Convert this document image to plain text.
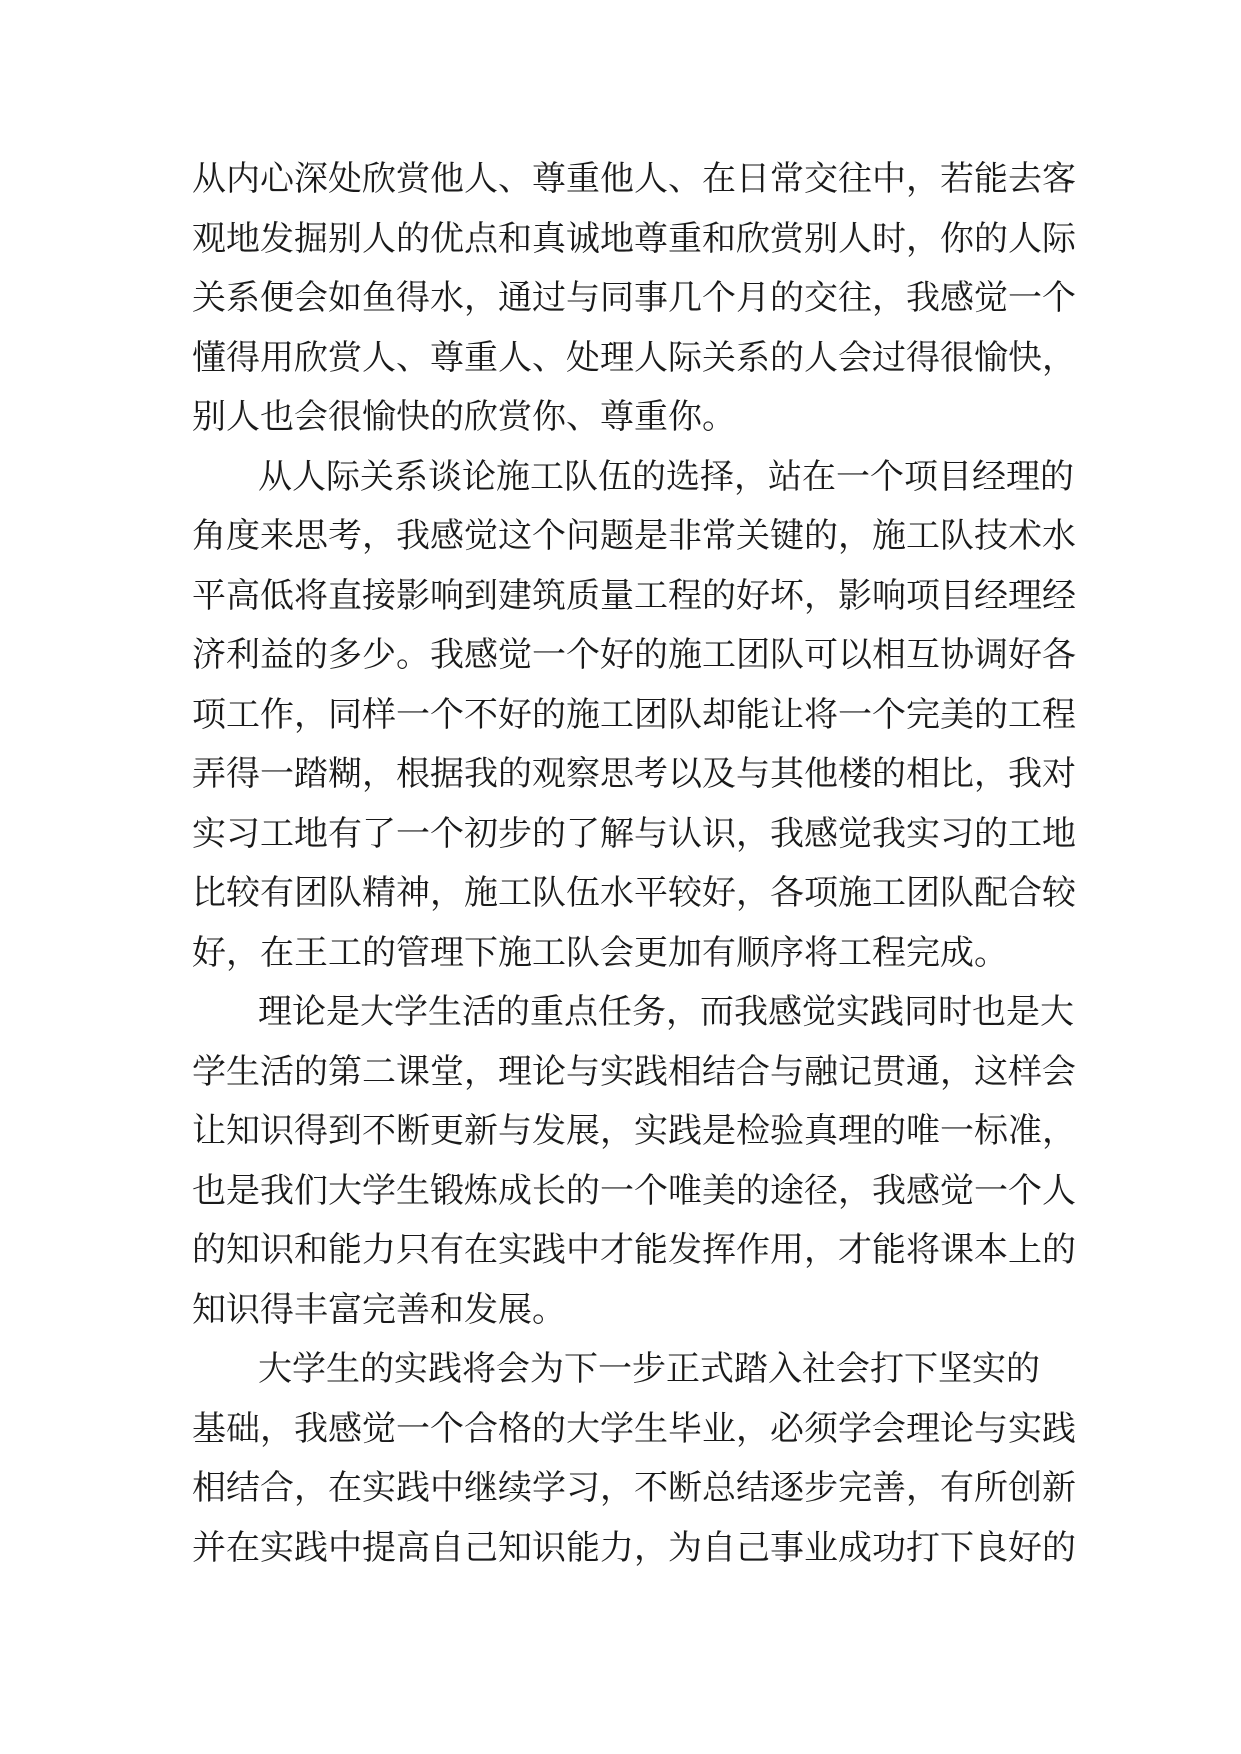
从内心深处欣赏他人、尊重他人、在日常交往中，若能去客
观地发掘别人的优点和真诚地尊重和欣赏别人时，你的人际
关系便会如鱼得水，通过与同事几个月的交往，我感觉一个
懂得用欣赏人、尊重人、处理人际关系的人会过得很愉快，
别人也会很愉快的欣赏你、尊重你。
从人际关系谈论施工队伍的选择，站在一个项目经理的
角度来思考，我感觉这个问题是非常关键的，施工队技术水
平高低将直接影响到建筑质量工程的好坏，影响项目经理经
济利益的多少。我感觉一个好的施工团队可以相互协调好各
项工作，同样一个不好的施工团队却能让将一个完美的工程
弄得一踏糊，根据我的观察思考以及与其他楼的相比，我对
实习工地有了一个初步的了解与认识，我感觉我实习的工地
比较有团队精神，施工队伍水平较好，各项施工团队配合较
好，在王工的管理下施工队会更加有顺序将工程完成。
理论是大学生活的重点任务，而我感觉实践同时也是大
学生活的第二课堂，理论与实践相结合与融记贯通，这样会
让知识得到不断更新与发展，实践是检验真理的唯一标准，
也是我们大学生锻炼成长的一个唯美的途径，我感觉一个人
的知识和能力只有在实践中才能发挥作用，才能将课本上的
知识得丰富完善和发展。
大学生的实践将会为下一步正式踏入社会打下坚实的
基础，我感觉一个合格的大学生毕业，必须学会理论与实践
相结合，在实践中继续学习，不断总结逐步完善，有所创新
并在实践中提高自己知识能力，为自己事业成功打下良好的
